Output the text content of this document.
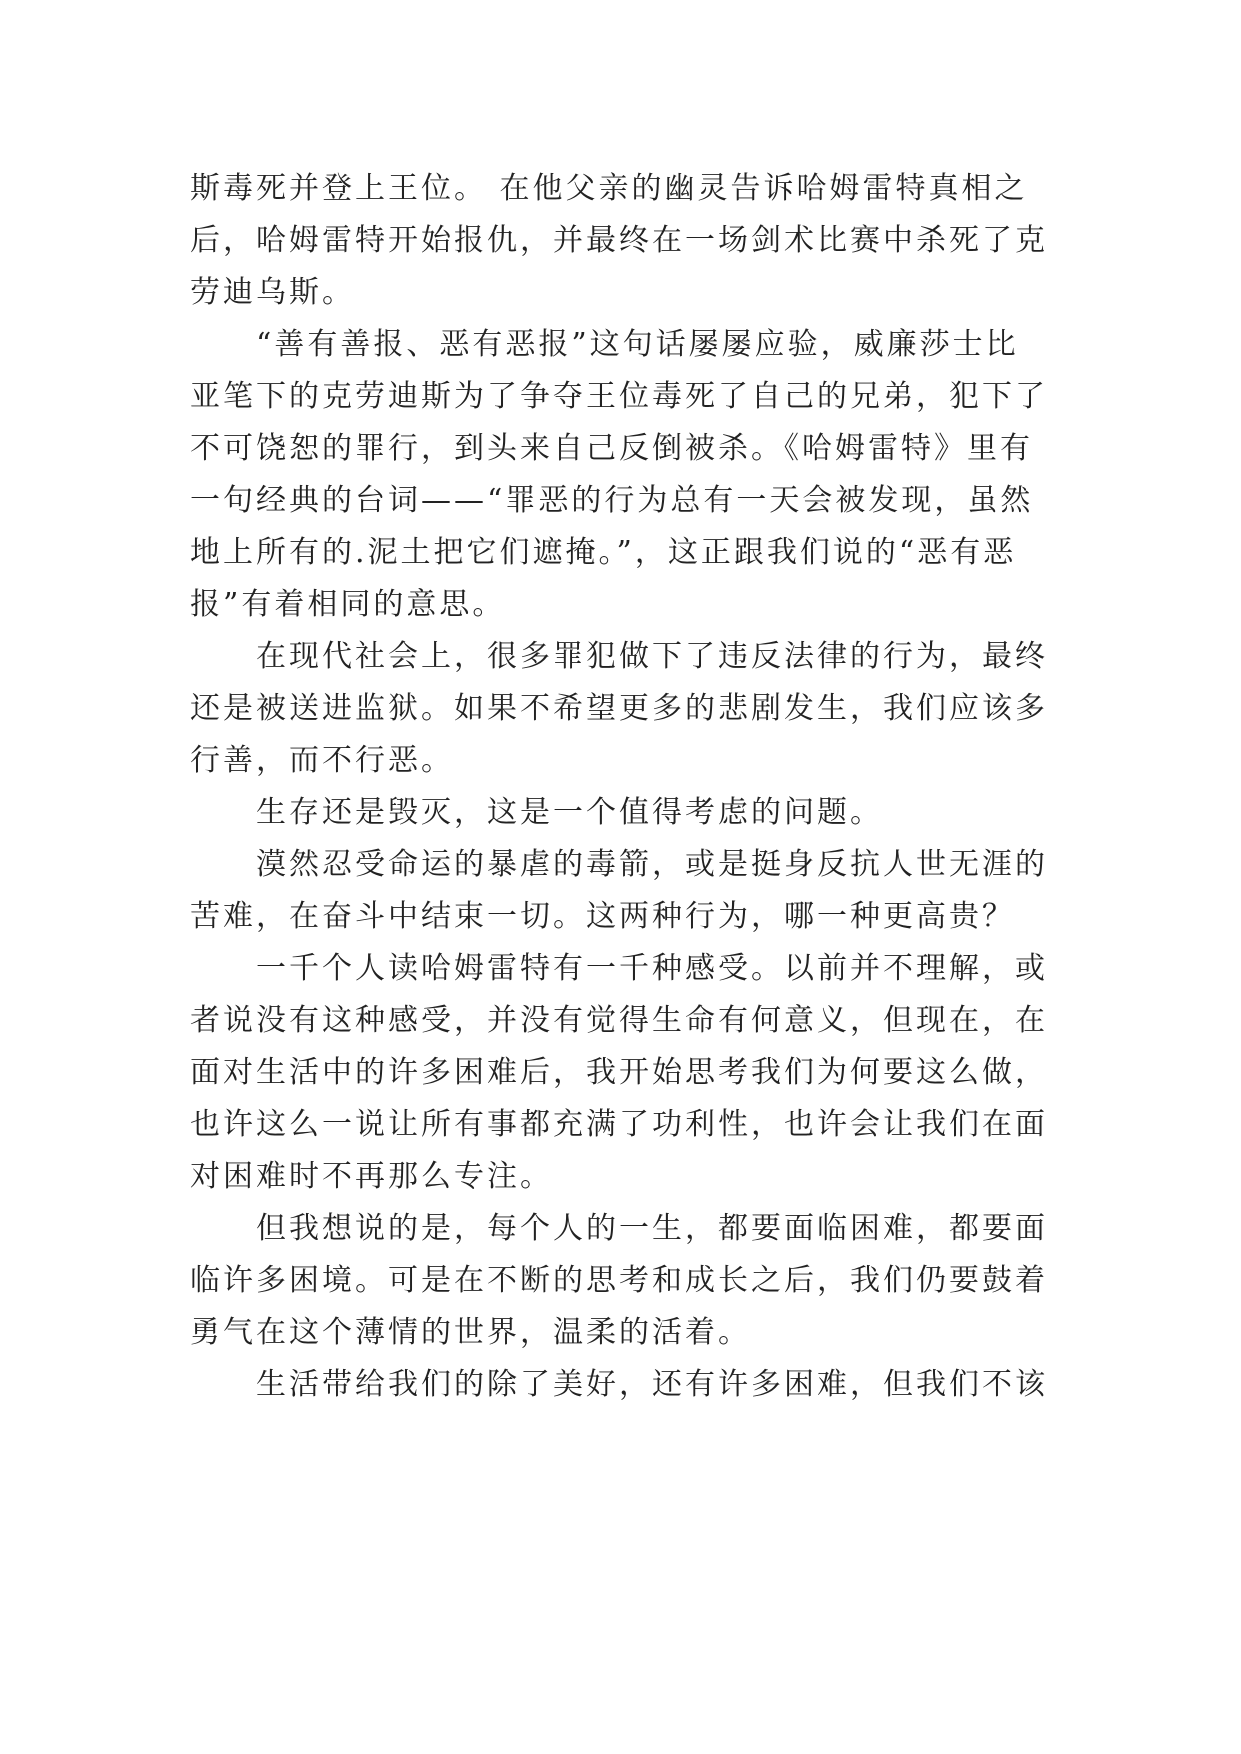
斯毒死并登上王位。 在他父亲的幽灵告诉哈姆雷特真相之
后，哈姆雷特开始报仇，并最终在一场剑术比赛中杀死了克
劳迪乌斯。
“善有善报、恶有恶报”这句话屡屡应验，威廉莎士比
亚笔下的克劳迪斯为了争夺王位毒死了自己的兄弟，犯下了
不可饶恕的罪行，到头来自己反倒被杀。《哈姆雷特》里有
一句经典的台词——“罪恶的行为总有一天会被发现，虽然
地上所有的.泥土把它们遮掩。”，这正跟我们说的“恶有恶
报”有着相同的意思。
在现代社会上，很多罪犯做下了违反法律的行为，最终
还是被送进监狱。如果不希望更多的悲剧发生，我们应该多
行善，而不行恶。
生存还是毁灭，这是一个值得考虑的问题。
漠然忍受命运的暴虐的毒箭，或是挺身反抗人世无涯的
苦难，在奋斗中结束一切。这两种行为，哪一种更高贵？
一千个人读哈姆雷特有一千种感受。以前并不理解，或
者说没有这种感受，并没有觉得生命有何意义，但现在，在
面对生活中的许多困难后，我开始思考我们为何要这么做，
也许这么一说让所有事都充满了功利性，也许会让我们在面
对困难时不再那么专注。
但我想说的是，每个人的一生，都要面临困难，都要面
临许多困境。可是在不断的思考和成长之后，我们仍要鼓着
勇气在这个薄情的世界，温柔的活着。
生活带给我们的除了美好，还有许多困难，但我们不该
